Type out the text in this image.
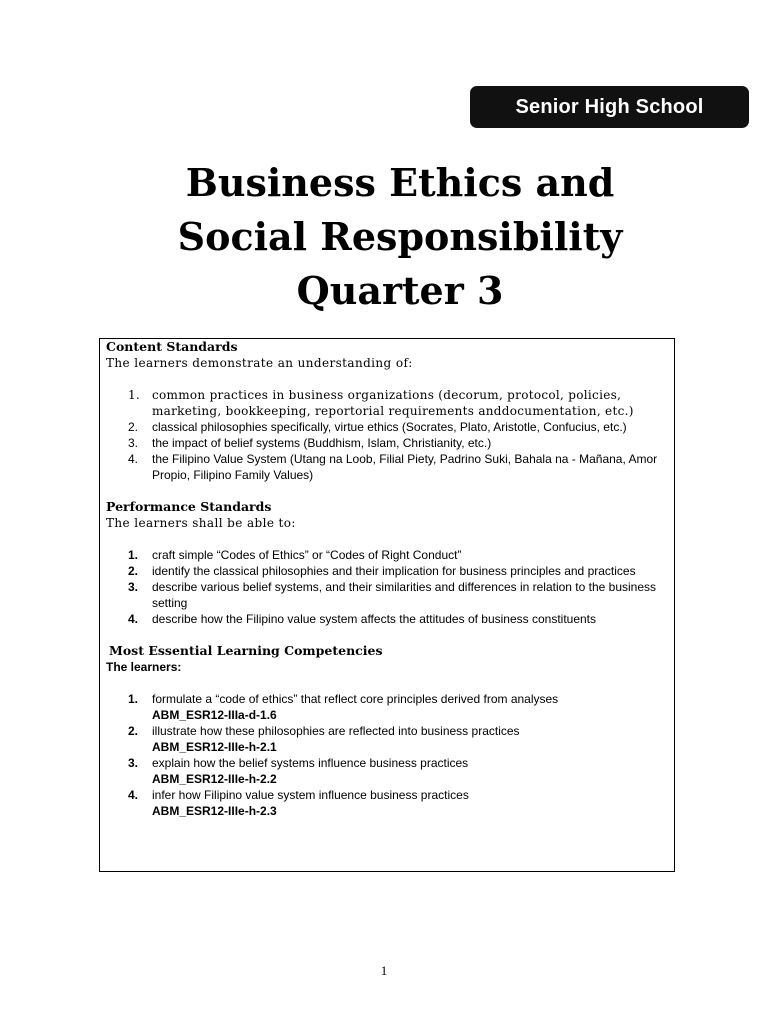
Senior High School
Business Ethics and
Social Responsibility
Quarter 3

Content Standards

The learners demonstrate an understanding of:

1. common practices in business organizations (decorum, protocol, policies, marketing, bookkeeping, reportorial requirements anddocumentation, etc.)
2. classical philosophies specifically, virtue ethics (Socrates, Plato, Aristotle, Confucius, etc.)
3. the impact of belief systems (Buddhism, Islam, Christianity, etc.)
4. the Filipino Value System (Utang na Loob, Filial Piety, Padrino Suki, Bahala na - Mañana, Amor Propio, Filipino Family Values)

Performance Standards

The learners shall be able to:

1. craft simple “Codes of Ethics” or “Codes of Right Conduct”
2. identify the classical philosophies and their implication for business principles and practices
3. describe various belief systems, and their similarities and differences in relation to the business setting
4. describe how the Filipino value system affects the attitudes of business constituents

Most Essential Learning Competencies

The learners:

1. formulate a “code of ethics” that reflect core principles derived from analyses
ABM_ESR12-IIIa-d-1.6
2. illustrate how these philosophies are reflected into business practices
ABM_ESR12-IIIe-h-2.1
3. explain how the belief systems influence business practices
ABM_ESR12-IIIe-h-2.2
4. infer how Filipino value system influence business practices
ABM_ESR12-IIIe-h-2.3
1
